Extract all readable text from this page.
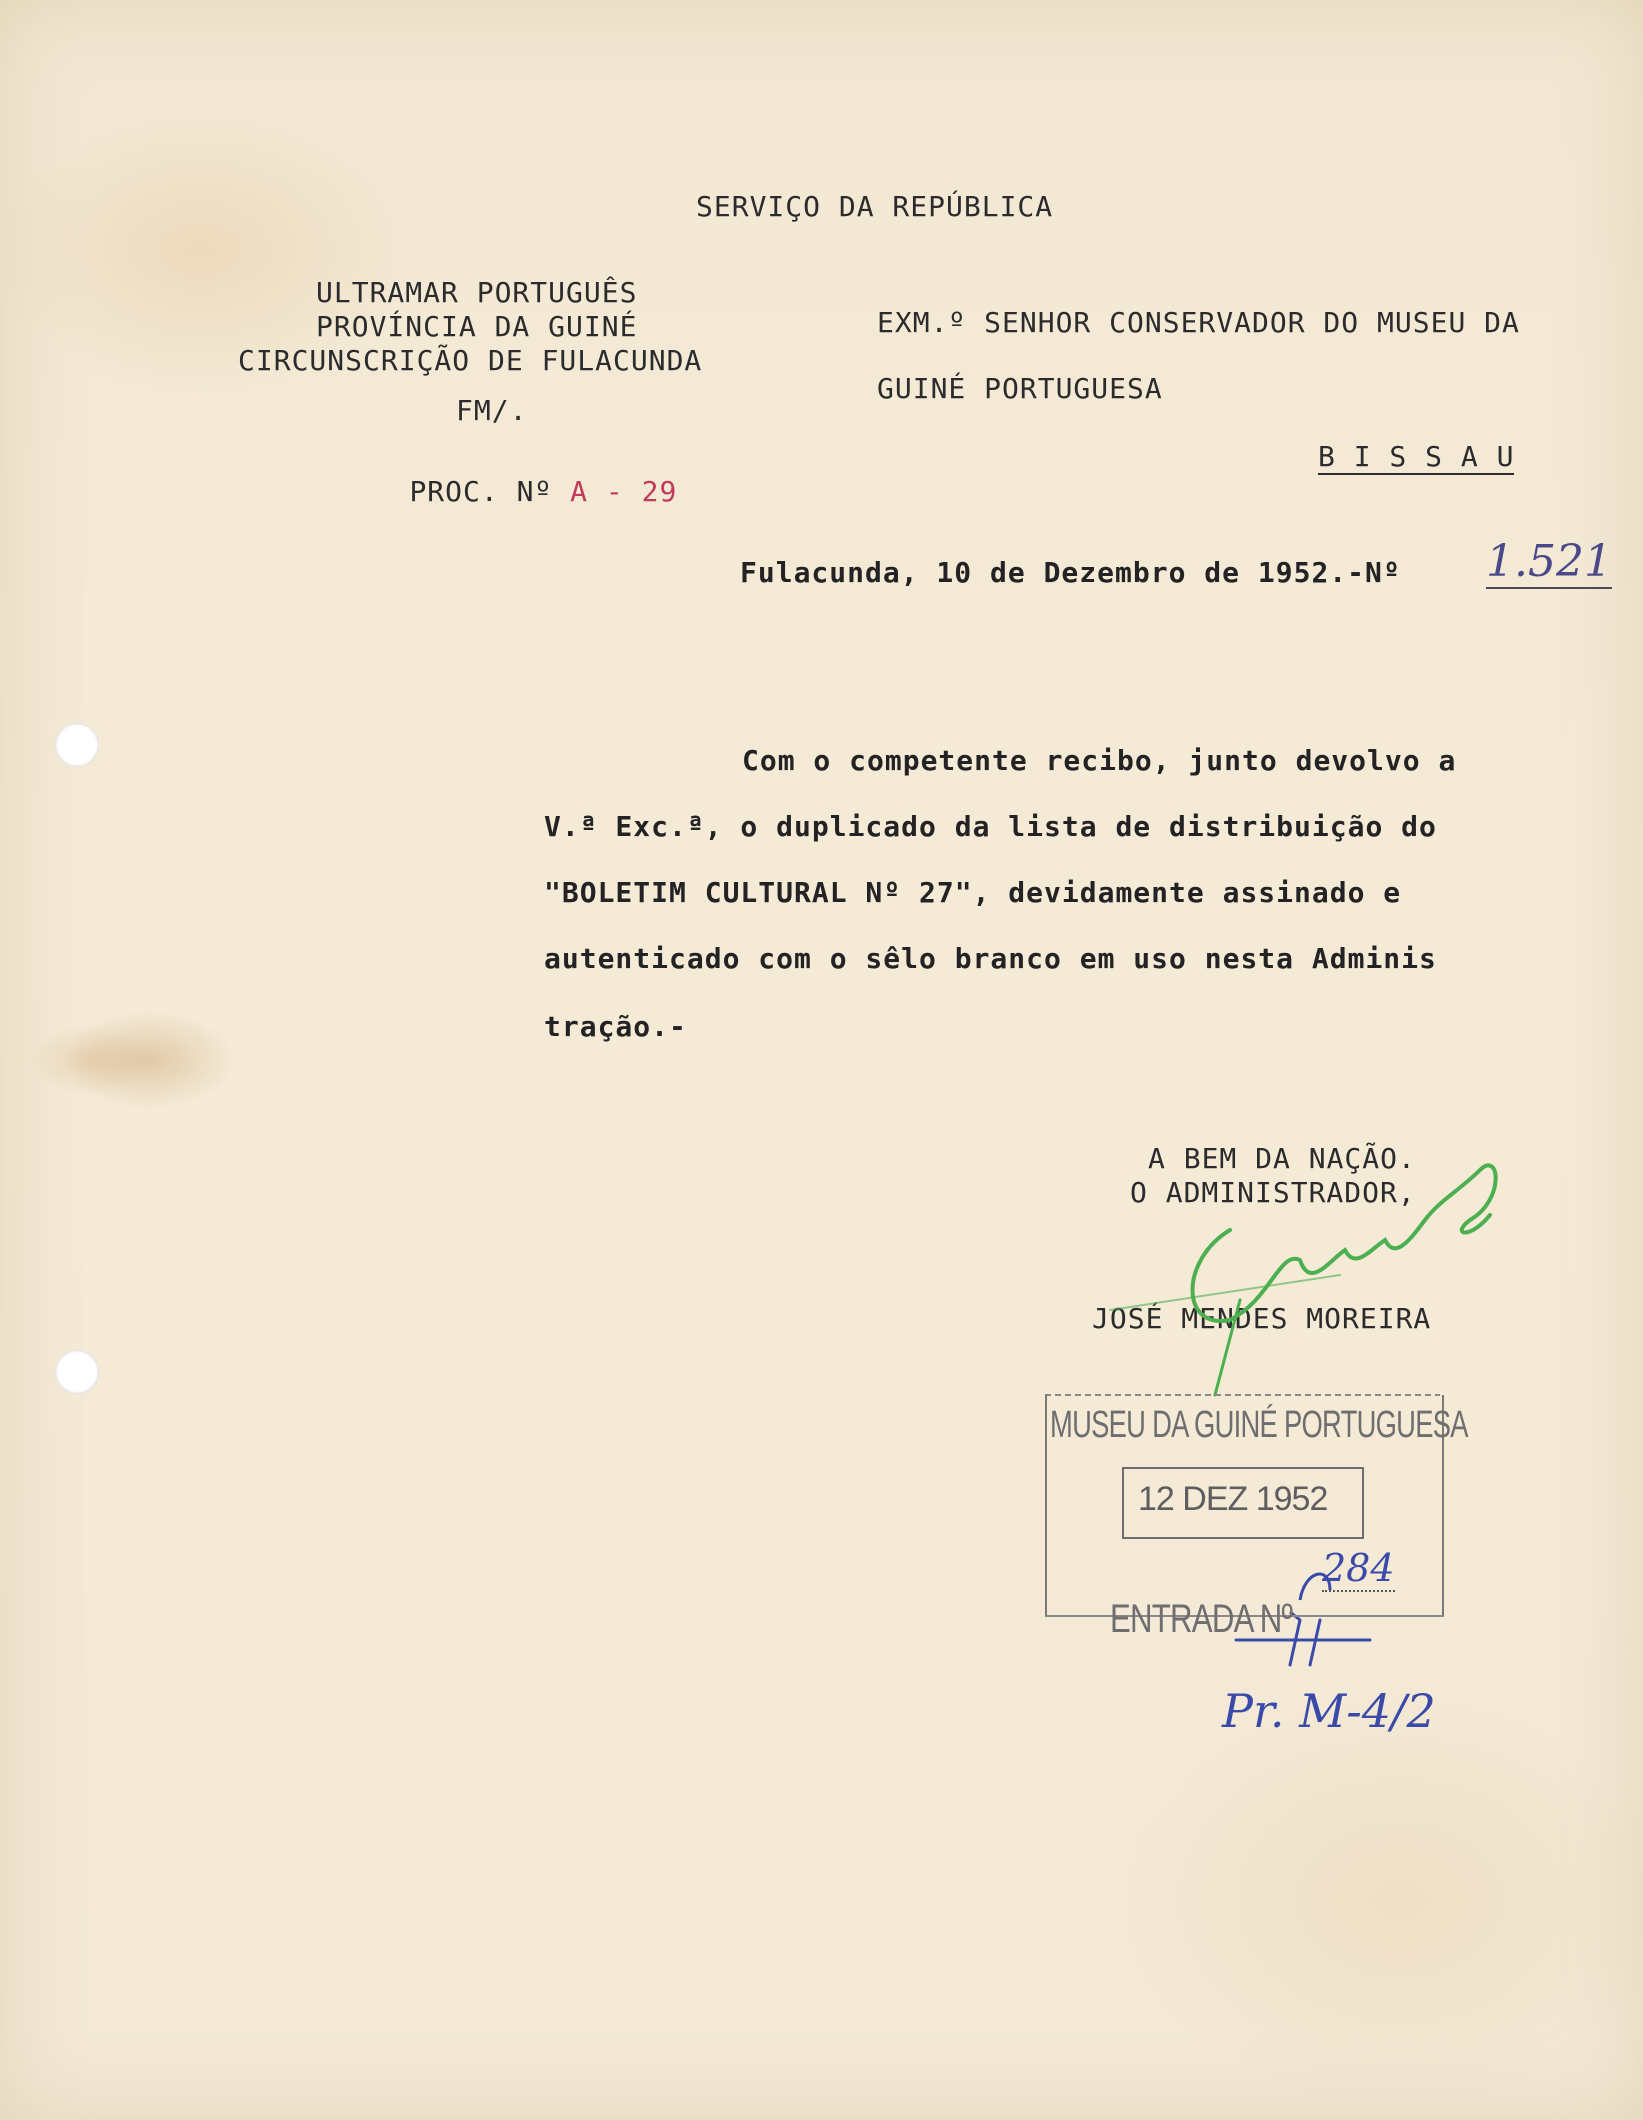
SERVIÇO DA REPÚBLICA
ULTRAMAR PORTUGUÊS
PROVÍNCIA DA GUINÉ
CIRCUNSCRIÇÃO DE FULACUNDA
FM/.

PROC. Nº A - 29

EXM.º SENHOR CONSERVADOR DO MUSEU DA
GUINÉ PORTUGUESA
B I S S A U
Fulacunda, 10 de Dezembro de 1952.-Nº 1.521
Com o competente recibo, junto devolvo a
V.ª Exc.ª, o duplicado da lista de distribuição do
"BOLETIM CULTURAL Nº 27", devidamente assinado e
autenticado com o sêlo branco em uso nesta Adminis
tração.-
A BEM DA NAÇÃO.
O ADMINISTRADOR,
JOSÉ MENDES MOREIRA
MUSEU DA GUINÉ PORTUGUESA
12 DEZ 1952

ENTRADA Nº

284
Pr. M-4/2
